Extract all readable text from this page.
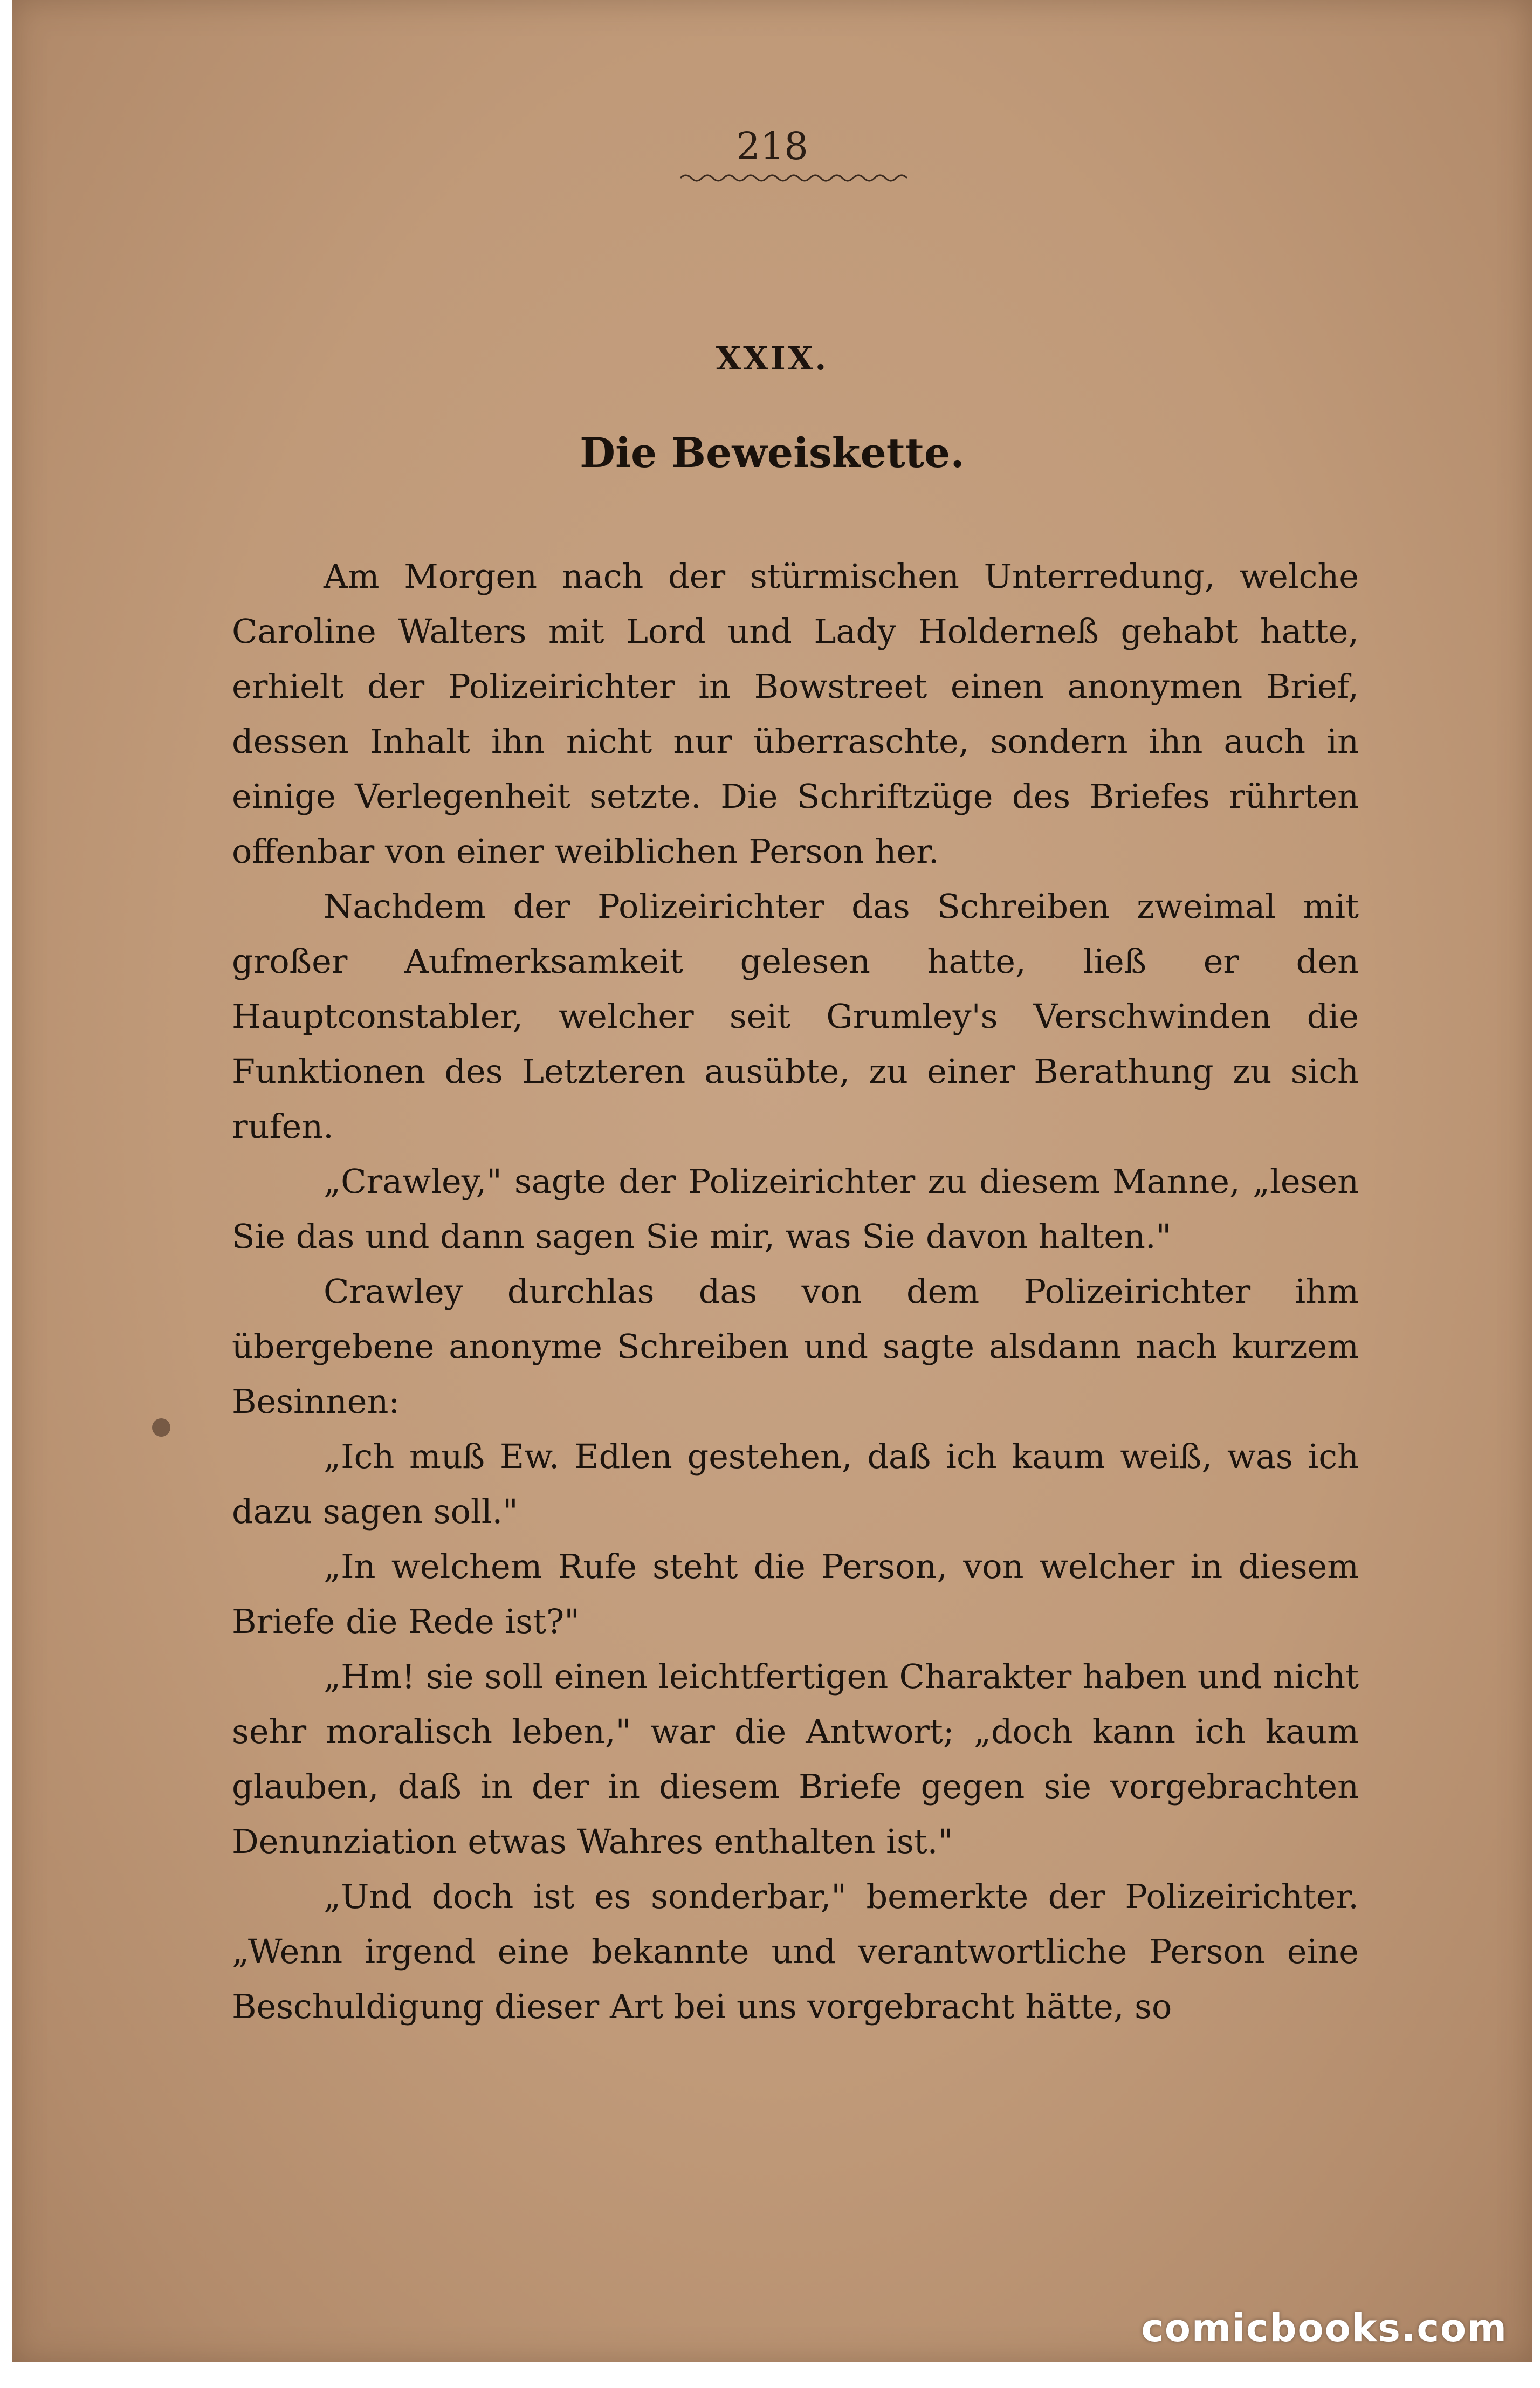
218
XXIX.
Die Beweiskette.

Am Morgen nach der stürmischen Unterredung, welche Caroline Walters mit Lord und Lady Holderneß gehabt hatte, erhielt der Polizeirichter in Bowstreet einen anonymen Brief, dessen Inhalt ihn nicht nur überraschte, sondern ihn auch in einige Verlegenheit setzte. Die Schriftzüge des Briefes rührten offenbar von einer weiblichen Person her.

Nachdem der Polizeirichter das Schreiben zweimal mit großer Aufmerksamkeit gelesen hatte, ließ er den Hauptconstabler, welcher seit Grumley's Verschwinden die Funktionen des Letzteren ausübte, zu einer Berathung zu sich rufen.

„Crawley," sagte der Polizeirichter zu diesem Manne, „lesen Sie das und dann sagen Sie mir, was Sie davon halten."

Crawley durchlas das von dem Polizeirichter ihm übergebene anonyme Schreiben und sagte alsdann nach kurzem Besinnen:

„Ich muß Ew. Edlen gestehen, daß ich kaum weiß, was ich dazu sagen soll."

„In welchem Rufe steht die Person, von welcher in diesem Briefe die Rede ist?"

„Hm! sie soll einen leichtfertigen Charakter haben und nicht sehr moralisch leben," war die Antwort; „doch kann ich kaum glauben, daß in der in diesem Briefe gegen sie vorgebrachten Denunziation etwas Wahres enthalten ist."

„Und doch ist es sonderbar," bemerkte der Polizeirichter. „Wenn irgend eine bekannte und verantwortliche Person eine Beschuldigung dieser Art bei uns vorgebracht hätte, so

comicbooks.com
